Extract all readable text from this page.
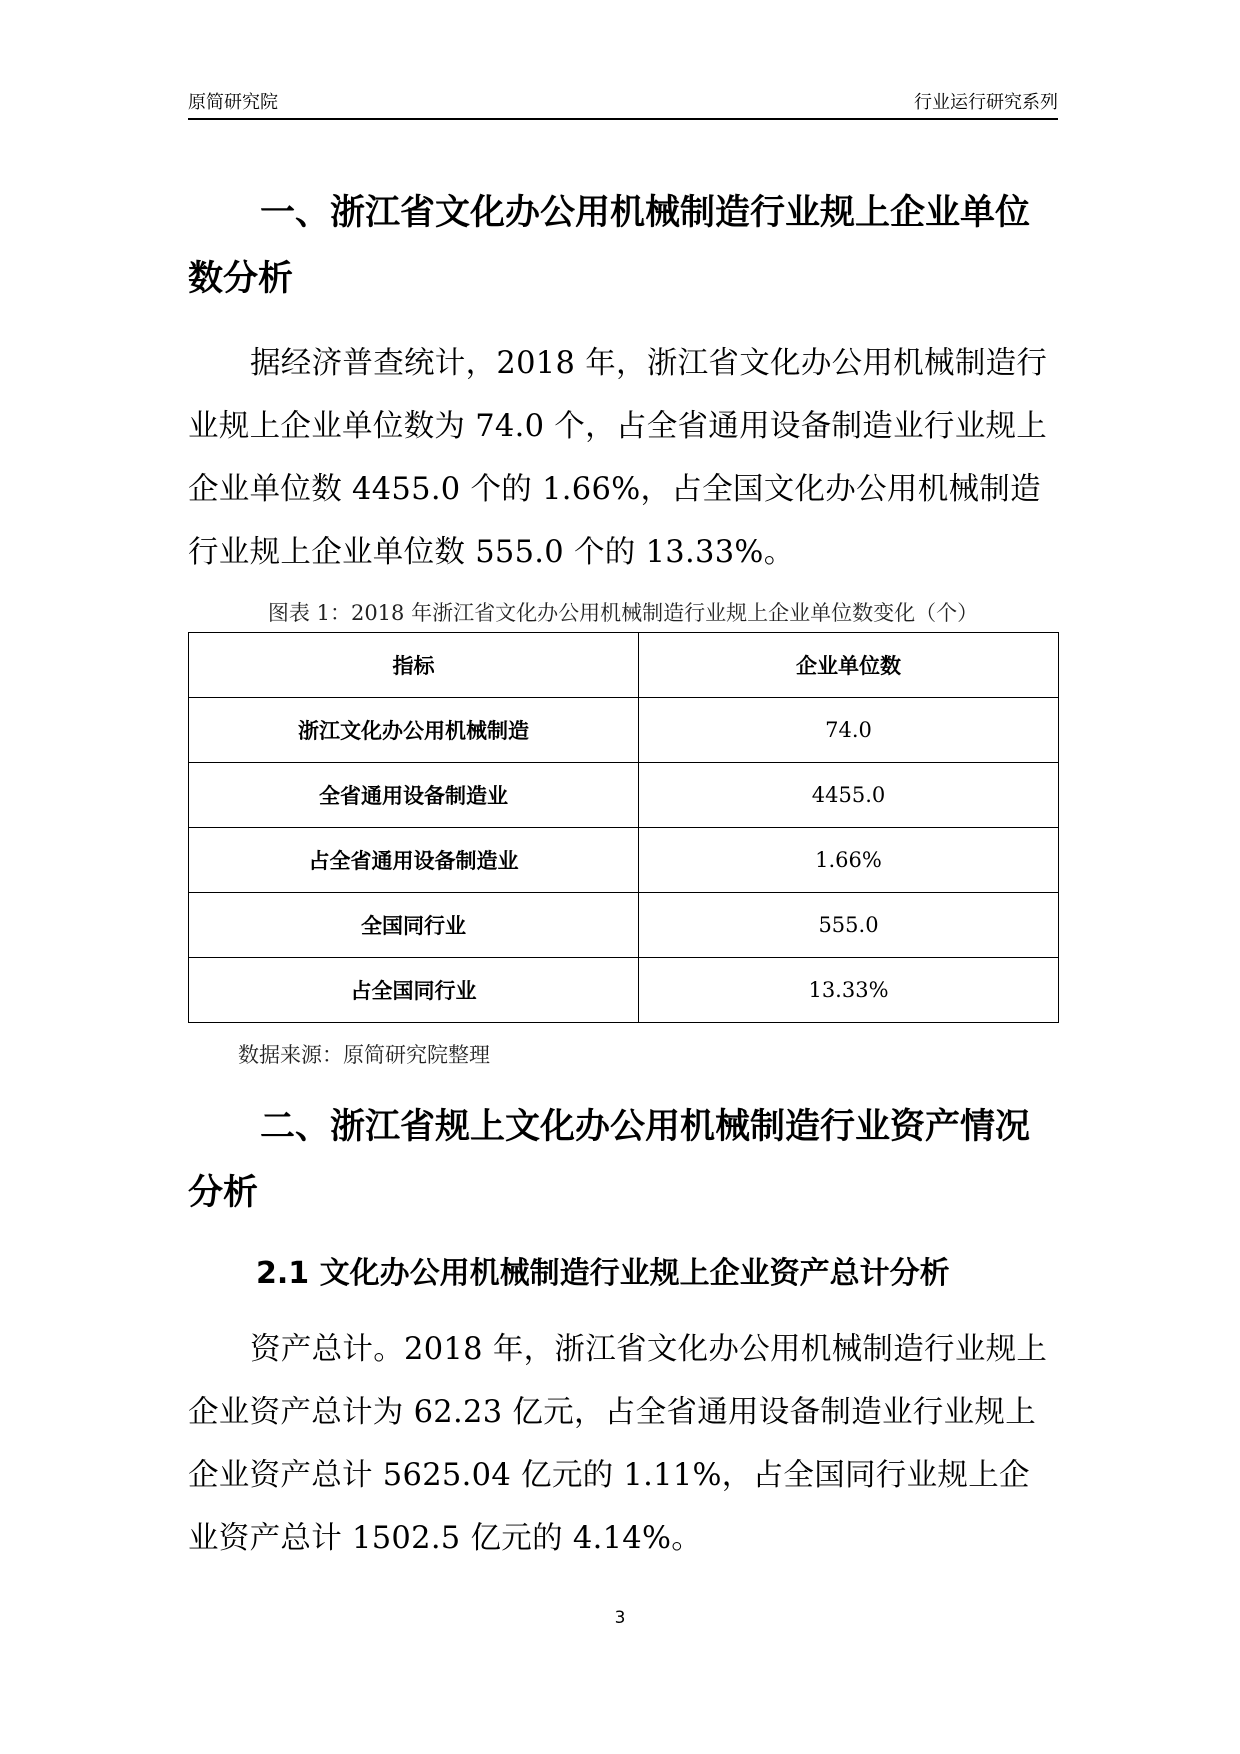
原简研究院	行业运行研究系列
一、浙江省文化办公用机械制造行业规上企业单位数分析

据经济普查统计，2018 年，浙江省文化办公用机械制造行业规上企业单位数为 74.0 个，占全省通用设备制造业行业规上企业单位数 4455.0 个的 1.66%，占全国文化办公用机械制造行业规上企业单位数 555.0 个的 13.33%。

图表 1：2018 年浙江省文化办公用机械制造行业规上企业单位数变化（个）
指标	企业单位数
浙江文化办公用机械制造	74.0
全省通用设备制造业	4455.0
占全省通用设备制造业	1.66%
全国同行业	555.0
占全国同行业	13.33%
数据来源：原简研究院整理
二、浙江省规上文化办公用机械制造行业资产情况分析
2.1 文化办公用机械制造行业规上企业资产总计分析

资产总计。2018 年，浙江省文化办公用机械制造行业规上企业资产总计为 62.23 亿元，占全省通用设备制造业行业规上企业资产总计 5625.04 亿元的 1.11%，占全国同行业规上企业资产总计 1502.5 亿元的 4.14%。

3
